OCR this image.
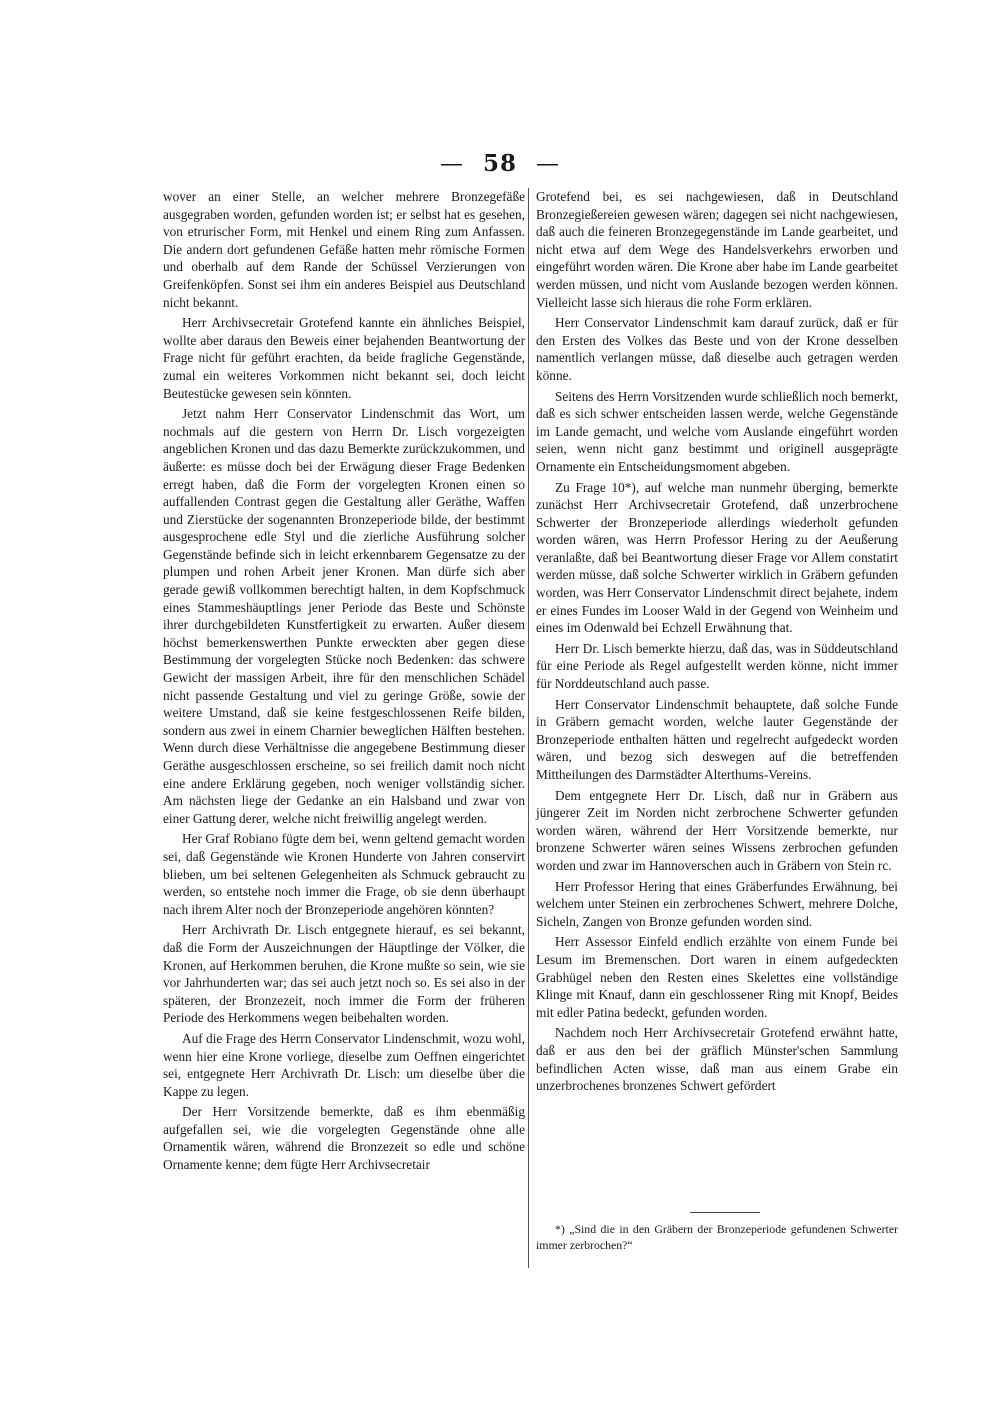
— 58 —

wover an einer Stelle, an welcher mehrere Bronzegefäße ausgegraben worden, gefunden worden ist; er selbst hat es gesehen, von etrurischer Form, mit Henkel und einem Ring zum Anfassen. Die andern dort gefundenen Gefäße hatten mehr römische Formen und oberhalb auf dem Rande der Schüssel Verzierungen von Greifenköpfen. Sonst sei ihm ein anderes Beispiel aus Deutschland nicht bekannt.

Herr Archivsecretair Grotefend kannte ein ähnliches Beispiel, wollte aber daraus den Beweis einer bejahenden Beantwortung der Frage nicht für geführt erachten, da beide fragliche Gegenstände, zumal ein weiteres Vorkommen nicht bekannt sei, doch leicht Beutestücke gewesen sein könnten.

Jetzt nahm Herr Conservator Lindenschmit das Wort, um nochmals auf die gestern von Herrn Dr. Lisch vorgezeigten angeblichen Kronen und das dazu Bemerkte zurückzukommen, und äußerte: es müsse doch bei der Erwägung dieser Frage Bedenken erregt haben, daß die Form der vorgelegten Kronen einen so auffallenden Contrast gegen die Gestaltung aller Geräthe, Waffen und Zierstücke der sogenannten Bronzeperiode bilde, der bestimmt ausgesprochene edle Styl und die zierliche Ausführung solcher Gegenstände befinde sich in leicht erkennbarem Gegensatze zu der plumpen und rohen Arbeit jener Kronen. Man dürfe sich aber gerade gewiß vollkommen berechtigt halten, in dem Kopfschmuck eines Stammeshäuptlings jener Periode das Beste und Schönste ihrer durchgebildeten Kunstfertigkeit zu erwarten. Außer diesem höchst bemerkenswerthen Punkte erweckten aber gegen diese Bestimmung der vorgelegten Stücke noch Bedenken: das schwere Gewicht der massigen Arbeit, ihre für den menschlichen Schädel nicht passende Gestaltung und viel zu geringe Größe, sowie der weitere Umstand, daß sie keine festgeschlossenen Reife bilden, sondern aus zwei in einem Charnier beweglichen Hälften bestehen. Wenn durch diese Verhältnisse die angegebene Bestimmung dieser Geräthe ausgeschlossen erscheine, so sei freilich damit noch nicht eine andere Erklärung gegeben, noch weniger vollständig sicher. Am nächsten liege der Gedanke an ein Halsband und zwar von einer Gattung derer, welche nicht freiwillig angelegt werden.

Her Graf Robiano fügte dem bei, wenn geltend gemacht worden sei, daß Gegenstände wie Kronen Hunderte von Jahren conservirt blieben, um bei seltenen Gelegenheiten als Schmuck gebraucht zu werden, so entstehe noch immer die Frage, ob sie denn überhaupt nach ihrem Alter noch der Bronzeperiode angehören könnten?

Herr Archivrath Dr. Lisch entgegnete hierauf, es sei bekannt, daß die Form der Auszeichnungen der Häuptlinge der Völker, die Kronen, auf Herkommen beruhen, die Krone mußte so sein, wie sie vor Jahrhunderten war; das sei auch jetzt noch so. Es sei also in der späteren, der Bronzezeit, noch immer die Form der früheren Periode des Herkommens wegen beibehalten worden.

Auf die Frage des Herrn Conservator Lindenschmit, wozu wohl, wenn hier eine Krone vorliege, dieselbe zum Oeffnen eingerichtet sei, entgegnete Herr Archivrath Dr. Lisch: um dieselbe über die Kappe zu legen.

Der Herr Vorsitzende bemerkte, daß es ihm ebenmäßig aufgefallen sei, wie die vorgelegten Gegenstände ohne alle Ornamentik wären, während die Bronzezeit so edle und schöne Ornamente kenne; dem fügte Herr Archivsecretair

Grotefend bei, es sei nachgewiesen, daß in Deutschland Bronzegießereien gewesen wären; dagegen sei nicht nachgewiesen, daß auch die feineren Bronzegegenstände im Lande gearbeitet, und nicht etwa auf dem Wege des Handelsverkehrs erworben und eingeführt worden wären. Die Krone aber habe im Lande gearbeitet werden müssen, und nicht vom Auslande bezogen werden können. Vielleicht lasse sich hieraus die rohe Form erklären.

Herr Conservator Lindenschmit kam darauf zurück, daß er für den Ersten des Volkes das Beste und von der Krone desselben namentlich verlangen müsse, daß dieselbe auch getragen werden könne.

Seitens des Herrn Vorsitzenden wurde schließlich noch bemerkt, daß es sich schwer entscheiden lassen werde, welche Gegenstände im Lande gemacht, und welche vom Auslande eingeführt worden seien, wenn nicht ganz bestimmt und originell ausgeprägte Ornamente ein Entscheidungsmoment abgeben.

Zu Frage 10*), auf welche man nunmehr überging, bemerkte zunächst Herr Archivsecretair Grotefend, daß unzerbrochene Schwerter der Bronzeperiode allerdings wiederholt gefunden worden wären, was Herrn Professor Hering zu der Aeußerung veranlaßte, daß bei Beantwortung dieser Frage vor Allem constatirt werden müsse, daß solche Schwerter wirklich in Gräbern gefunden worden, was Herr Conservator Lindenschmit direct bejahete, indem er eines Fundes im Looser Wald in der Gegend von Weinheim und eines im Odenwald bei Echzell Erwähnung that.

Herr Dr. Lisch bemerkte hierzu, daß das, was in Süddeutschland für eine Periode als Regel aufgestellt werden könne, nicht immer für Norddeutschland auch passe.

Herr Conservator Lindenschmit behauptete, daß solche Funde in Gräbern gemacht worden, welche lauter Gegenstände der Bronzeperiode enthalten hätten und regelrecht aufgedeckt worden wären, und bezog sich deswegen auf die betreffenden Mittheilungen des Darmstädter Alterthums-Vereins.

Dem entgegnete Herr Dr. Lisch, daß nur in Gräbern aus jüngerer Zeit im Norden nicht zerbrochene Schwerter gefunden worden wären, während der Herr Vorsitzende bemerkte, nur bronzene Schwerter wären seines Wissens zerbrochen gefunden worden und zwar im Hannoverschen auch in Gräbern von Stein rc.

Herr Professor Hering that eines Gräberfundes Erwähnung, bei welchem unter Steinen ein zerbrochenes Schwert, mehrere Dolche, Sicheln, Zangen von Bronze gefunden worden sind.

Herr Assessor Einfeld endlich erzählte von einem Funde bei Lesum im Bremenschen. Dort waren in einem aufgedeckten Grabhügel neben den Resten eines Skelettes eine vollständige Klinge mit Knauf, dann ein geschlossener Ring mit Knopf, Beides mit edler Patina bedeckt, gefunden worden.

Nachdem noch Herr Archivsecretair Grotefend erwähnt hatte, daß er aus den bei der gräflich Münster'schen Sammlung befindlichen Acten wisse, daß man aus einem Grabe ein unzerbrochenes bronzenes Schwert gefördert

*) „Sind die in den Gräbern der Bronzeperiode gefundenen Schwerter immer zerbrochen?“
